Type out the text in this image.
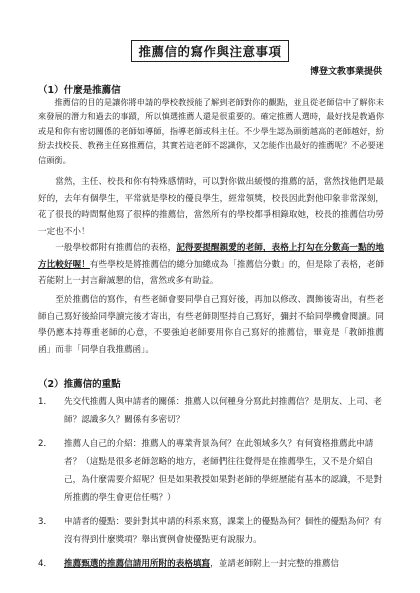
推薦信的寫作與注意事項
博登文教事業提供
（1）什麼是推薦信

推薦信的目的是讓你將申請的學校教授能了解到老師對你的觀點，並且從老師信中了解你未來發展的潛力和過去的事蹟，所以慎選推薦人還是很重要的。確定推薦人選時，最好找是教過你或是和你有密切關係的老師如導師，指導老師或科主任。不少學生認為頭銜越高的老師越好，紛紛去找校長、教務主任寫推薦信，其實若這老師不認識你，又怎能作出最好的推薦呢？不必要迷信頭銜。

當然，主任、校長和你有特殊感情時，可以對你做出緩慢的推薦的話，當然找他們是最好的，去年有個學生，平常就是學校的優良學生，經常領獎，校長因此對他印象非常深刻，花了很長的時間幫他寫了很棒的推薦信，當然所有的學校都爭相錄取她，校長的推薦信功勞一定也不小！

一般學校都附有推薦信的表格，記得要提醒親愛的老師，表格上打勾在分數高一點的地方比較好喔！有些學校是將推薦信的總分加總成為「推薦信分數」的，但是除了表格，老師若能附上一封言辭誠懇的信，當然或多有助益。

至於推薦信的寫作，有些老師會要同學自己寫好後，再加以修改、潤飾後寄出，有些老師自己寫好後給同學讀完後才寄出，有些老師則堅持自己寫好，彌封不給同學機會閱讀。同學仍應本持尊重老師的心意，不要強迫老師要用你自己寫好的推薦信，畢竟是「教師推薦函」而非「同學自我推薦函」。

（2）推薦信的重點
1．	先交代推薦人與申請者的關係：推薦人以何種身分寫此封推薦信？是朋友、上司、老師？認識多久？關係有多密切？
2．	推薦人自己的介紹：推薦人的專業背景為何？在此領域多久？有何資格推薦此申請者？（這點是很多老師忽略的地方，老師們往往覺得是在推薦學生，又不是介紹自己，為什麼需要介紹呢？但是如果教授如果對老師的學經歷能有基本的認識，不是對所推薦的學生會更信任嗎？）
3．	申請者的優點：要針對其申請的科系來寫，課業上的優點為何？個性的優點為何？有沒有得到什麼獎項？舉出實例會使優點更有說服力。
4．	推薦甄選的推薦信請用所附的表格填寫，並請老師附上一封完整的推薦信
